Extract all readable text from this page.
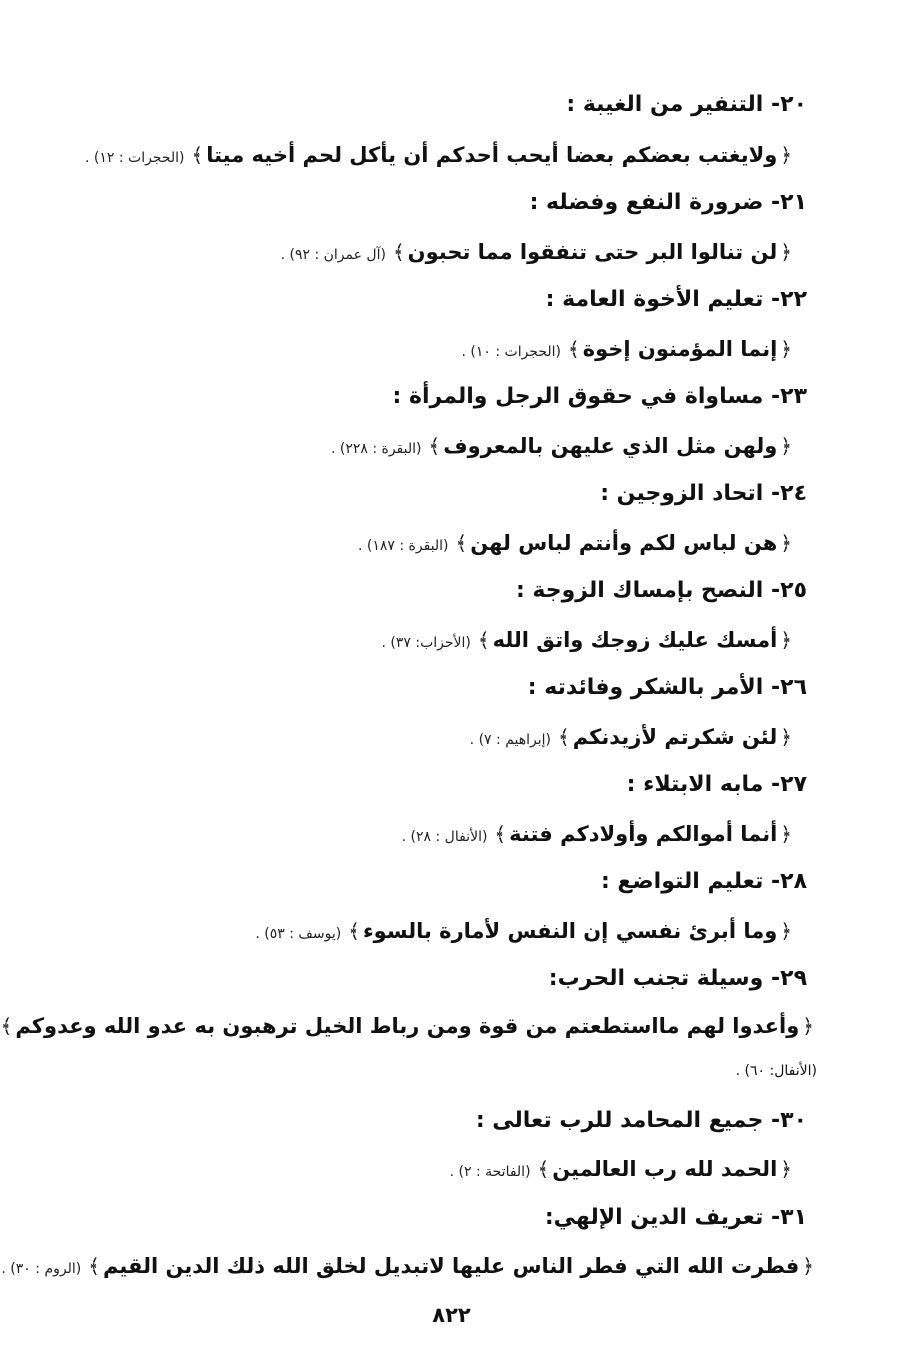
٢٠- التنفير من الغيبة :
﴿ولايغتب بعضكم بعضا أيحب أحدكم أن يأكل لحم أخيه ميتا﴾(الحجرات : ١٢) .
٢١- ضرورة النفع وفضله :
﴿لن تنالوا البر حتى تنفقوا مما تحبون﴾(آل عمران : ٩٢) .
٢٢- تعليم الأخوة العامة :
﴿إنما المؤمنون إخوة﴾(الحجرات : ١٠) .
٢٣- مساواة في حقوق الرجل والمرأة :
﴿ولهن مثل الذي عليهن بالمعروف﴾(البقرة : ٢٢٨) .
٢٤- اتحاد الزوجين :
﴿هن لباس لكم وأنتم لباس لهن﴾(البقرة : ١٨٧) .
٢٥- النصح بإمساك الزوجة :
﴿أمسك عليك زوجك واتق الله﴾(الأحزاب: ٣٧) .
٢٦- الأمر بالشكر وفائدته :
﴿لئن شكرتم لأزيدنكم﴾(إبراهيم : ٧) .
٢٧- مابه الابتلاء :
﴿أنما أموالكم وأولادكم فتنة﴾(الأنفال : ٢٨) .
٢٨- تعليم التواضع :
﴿وما أبرئ نفسي إن النفس لأمارة بالسوء﴾(يوسف : ٥٣) .
٢٩- وسيلة تجنب الحرب:
﴿وأعدوا لهم مااستطعتم من قوة ومن رباط الخيل ترهبون به عدو الله وعدوكم﴾
(الأنفال: ٦٠) .
٣٠- جميع المحامد للرب تعالى :
﴿الحمد لله رب العالمين﴾(الفاتحة : ٢) .
٣١- تعريف الدين الإلهي:
﴿فطرت الله التي فطر الناس عليها لاتبديل لخلق الله ذلك الدين القيم﴾(الروم : ٣٠) .
٨٢٢
